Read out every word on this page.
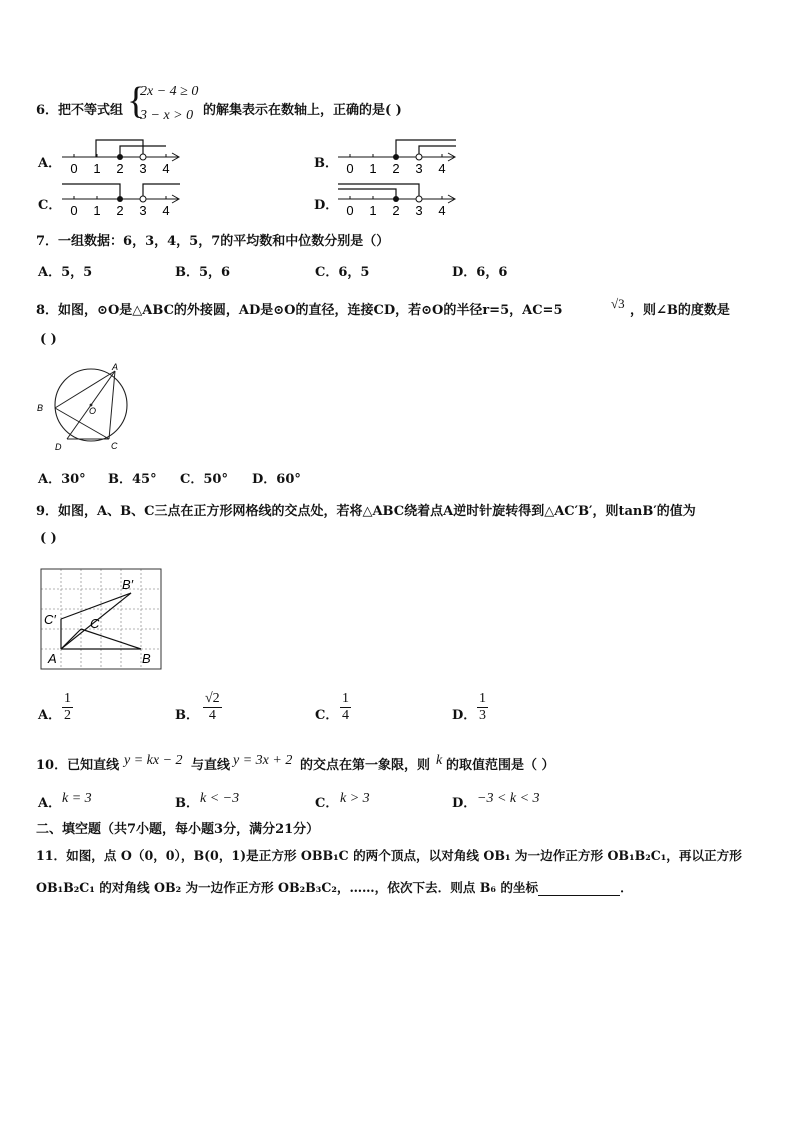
6． 把不等式组 {
2x − 4 ≥ 0
3 − x > 0 的解集表示在数轴上，正确的是( )
A． 0 1 2 3 4	B． 0 1 2 3 4
C． 0 1 2 3 4	D． 0 1 2 3 4
7．一组数据：6，3，4，5，7的平均数和中位数分别是（）
A．5，5	B．5，6	C．6，5	D．6，6
8．如图，⊙O是△ABC的外接圆，AD是⊙O的直径，连接CD，若⊙O的半径r=5，AC=5	√3 ，则∠B的度数是
( )
A
B
C
D
O
A．30° B．45° C．50° D．60°
9．如图，A、B、C三点在正方形网格线的交点处，若将△ABC绕着点A逆时针旋转得到△AC′B′，则tanB′的值为
( )
B′
C′	C
A	B
A． $\frac{1}{2}$	B． $\frac{√2}{4}$	C． $\frac{1}{4}$	D． $\frac{1}{3}$
10．已知直线 y = kx − 2 与直线 y = 3x + 2 的交点在第一象限，则 k 的取值范围是（ ）
A． k = 3	B． k < −3	C． k > 3	D． −3 < k < 3
二、填空题（共7小题，每小题3分，满分21分）
11．如图，点 O（0，0），B(0，1)是正方形 OBB₁C 的两个顶点，以对角线 OB₁ 为一边作正方形 OB₁B₂C₁，再以正方形
OB₁B₂C₁ 的对角线 OB₂ 为一边作正方形 OB₂B₃C₂，……，依次下去．则点 B₆ 的坐标	．
